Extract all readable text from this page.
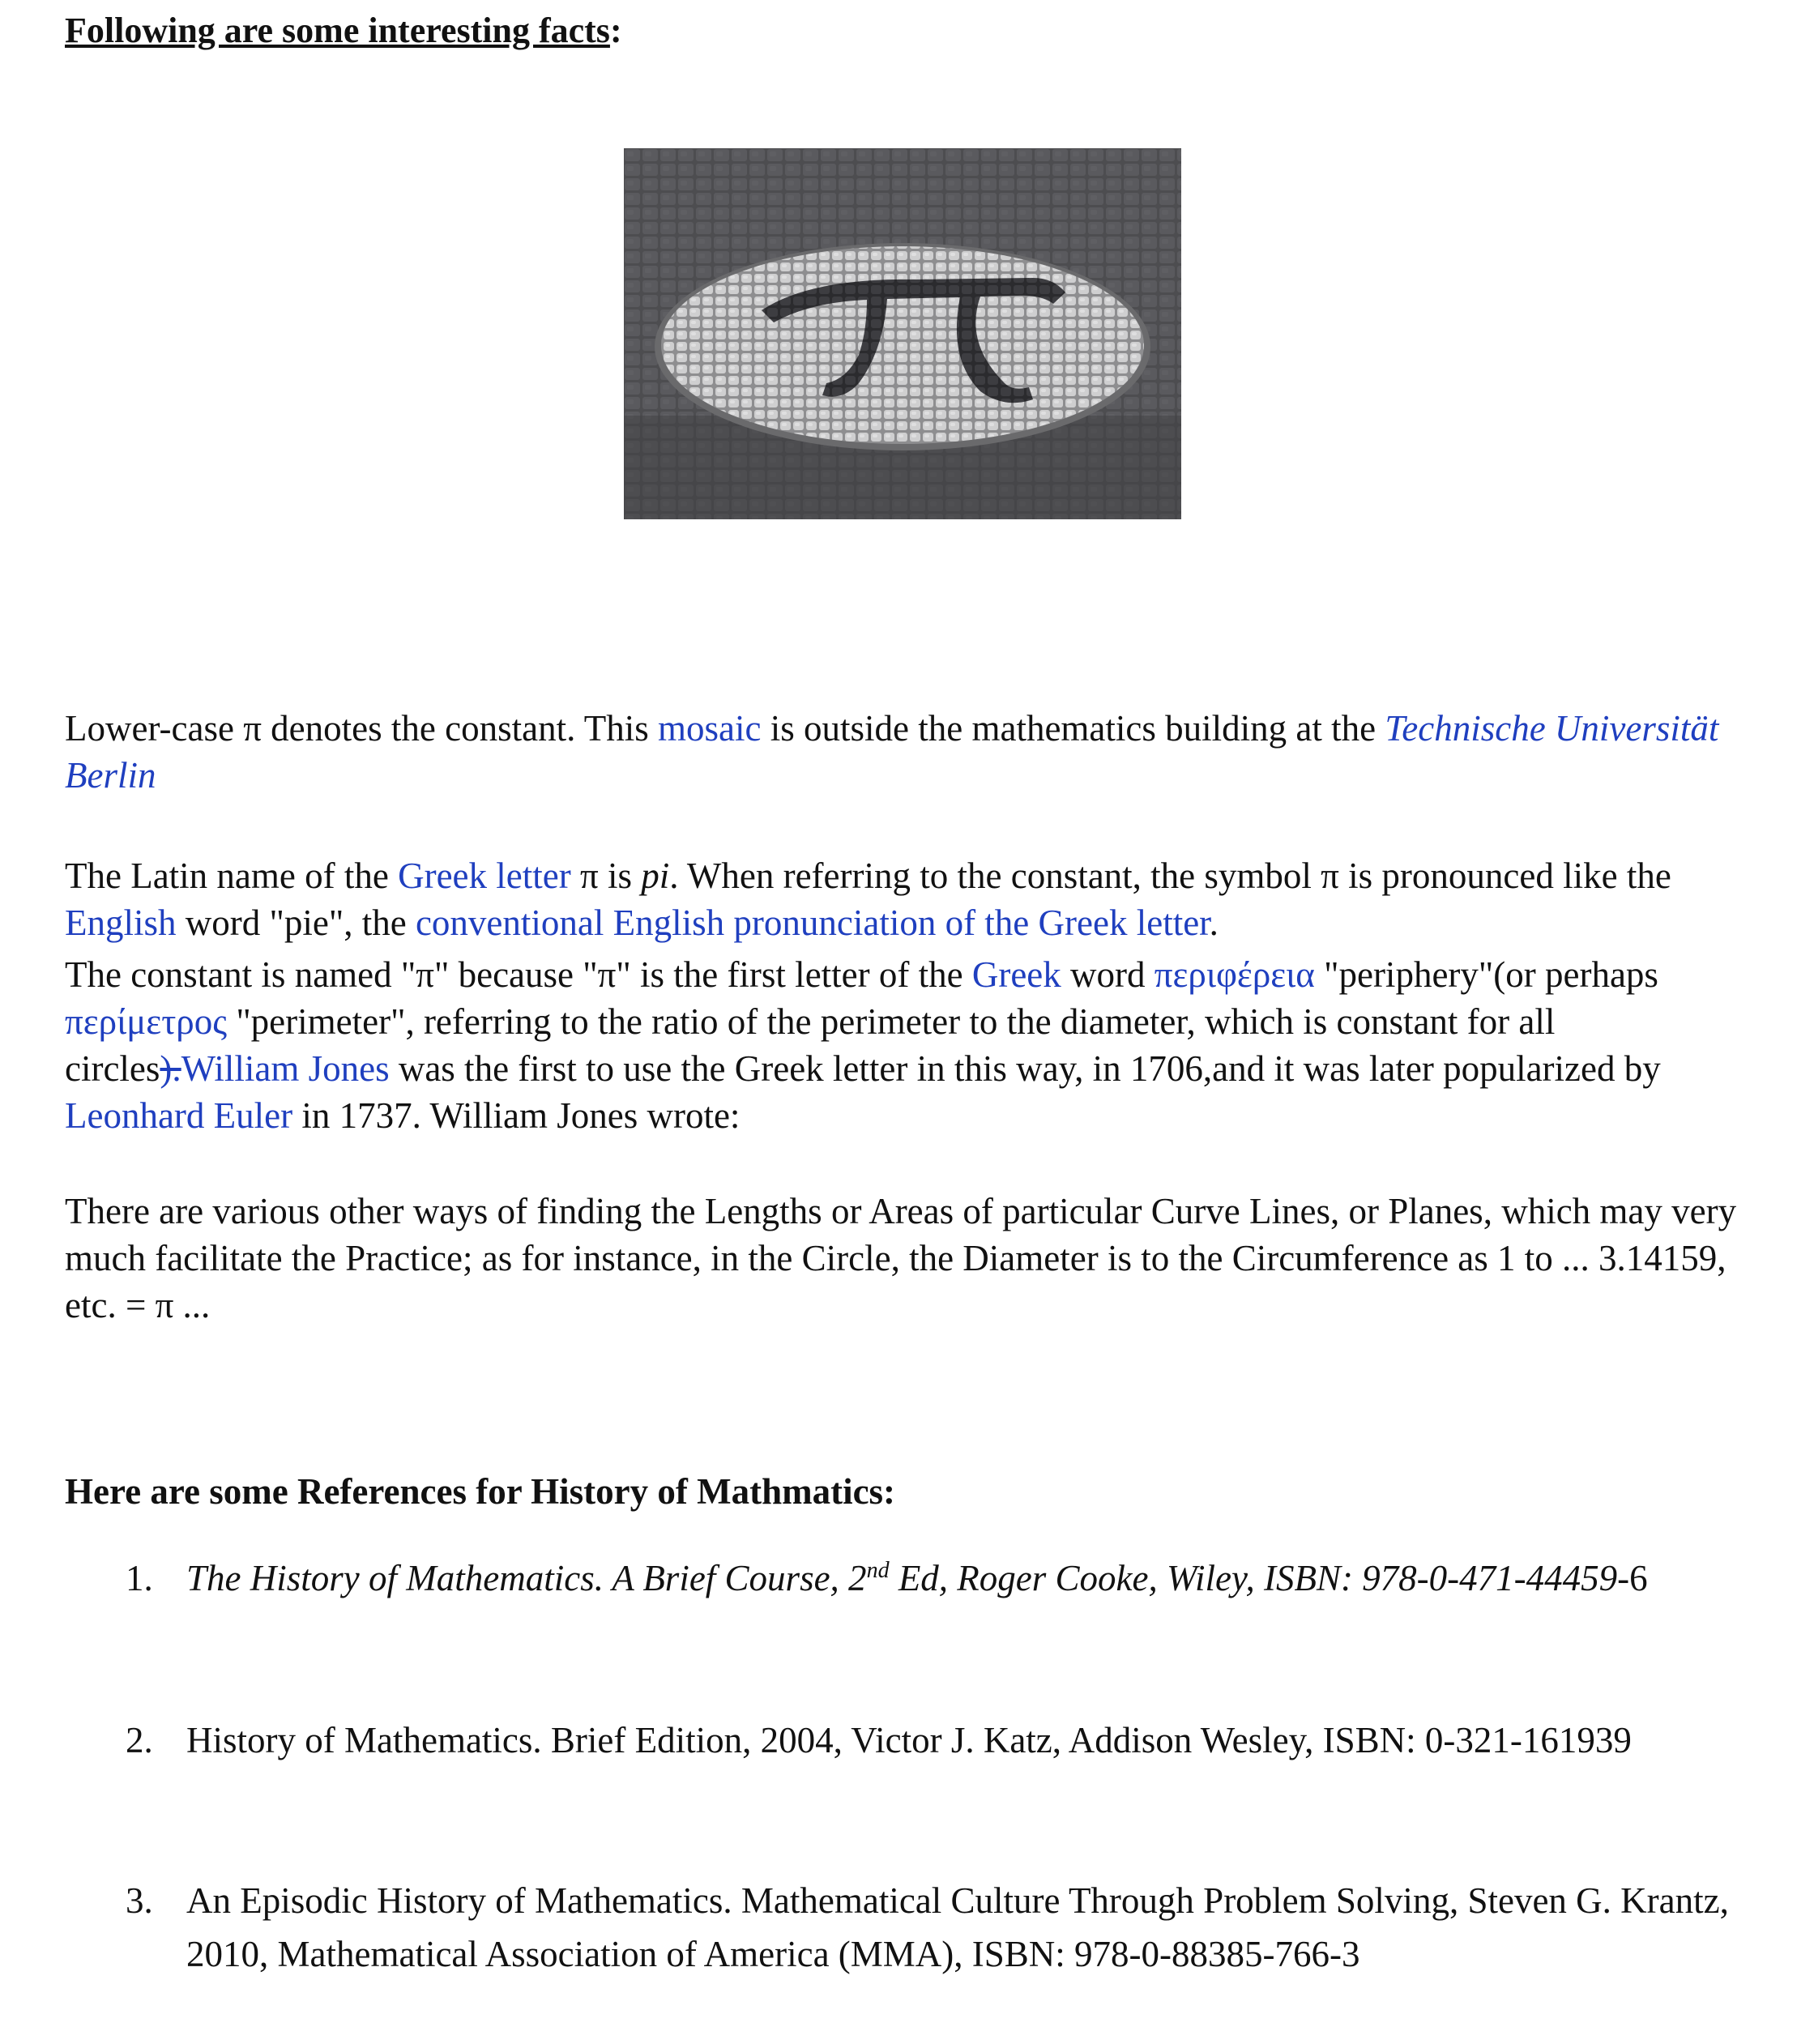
Following are some interesting facts:
Lower-case π denotes the constant. This mosaic is outside the mathematics building at the Technische Universität Berlin
The Latin name of the Greek letter π is pi. When referring to the constant, the symbol π is pronounced like the English word "pie", the conventional English pronunciation of the Greek letter.
The constant is named "π" because "π" is the first letter of the Greek word περιφέρεια "periphery"(or perhaps περίμετρος "perimeter", referring to the ratio of the perimeter to the diameter, which is constant for all circles).William Jones was the first to use the Greek letter in this way, in 1706,and it was later popularized by Leonhard Euler in 1737. William Jones wrote:
There are various other ways of finding the Lengths or Areas of particular Curve Lines, or Planes, which may very much facilitate the Practice; as for instance, in the Circle, the Diameter is to the Circumference as 1 to ... 3.14159, etc. = π ...
Here are some References for History of Mathmatics:
1. The History of Mathematics. A Brief Course, 2nd Ed, Roger Cooke, Wiley, ISBN: 978-0-471-44459-6
2. History of Mathematics. Brief Edition, 2004, Victor J. Katz, Addison Wesley, ISBN: 0-321-161939
3. An Episodic History of Mathematics. Mathematical Culture Through Problem Solving, Steven G. Krantz, 2010, Mathematical Association of America (MMA), ISBN: 978-0-88385-766-3
